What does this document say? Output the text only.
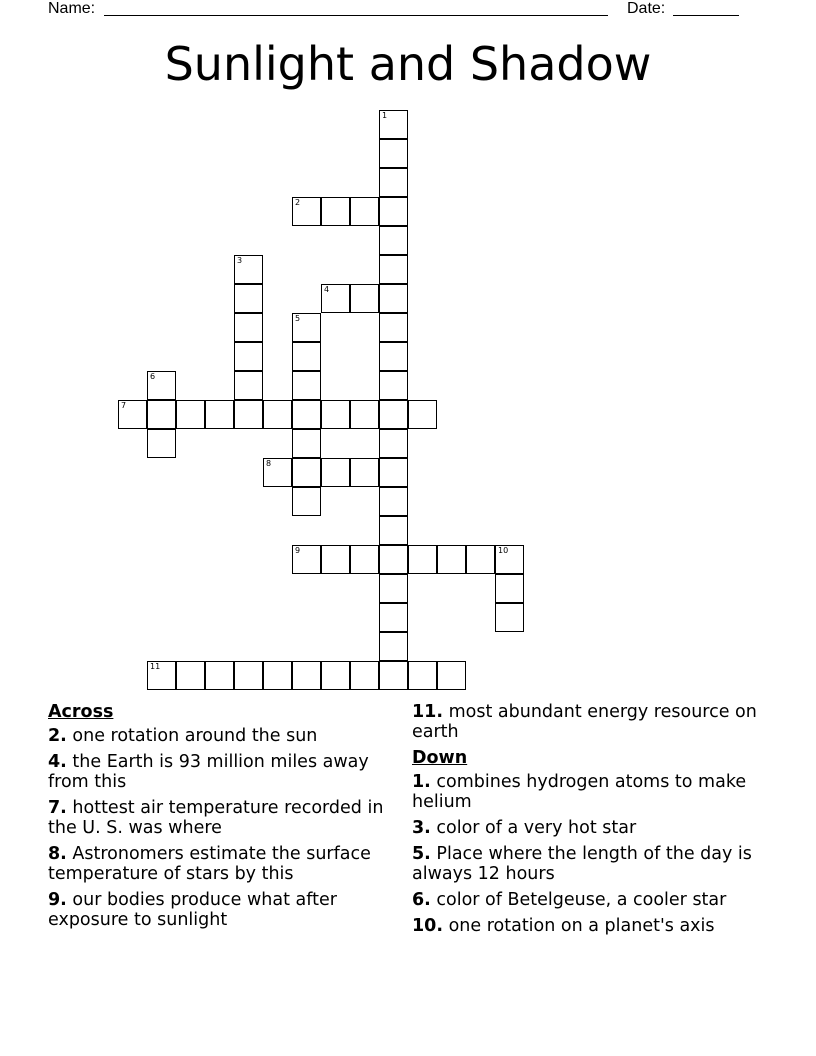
Name:	Date:
Sunlight and Shadow
1
2
3
4
5
6
7
8
9	10
11
Across
2. one rotation around the sun
4. the Earth is 93 million miles away from this
7. hottest air temperature recorded in the U. S. was where
8. Astronomers estimate the surface temperature of stars by this
9. our bodies produce what after exposure to sunlight
11. most abundant energy resource on earth
Down
1. combines hydrogen atoms to make helium
3. color of a very hot star
5. Place where the length of the day is always 12 hours
6. color of Betelgeuse, a cooler star
10. one rotation on a planet's axis
